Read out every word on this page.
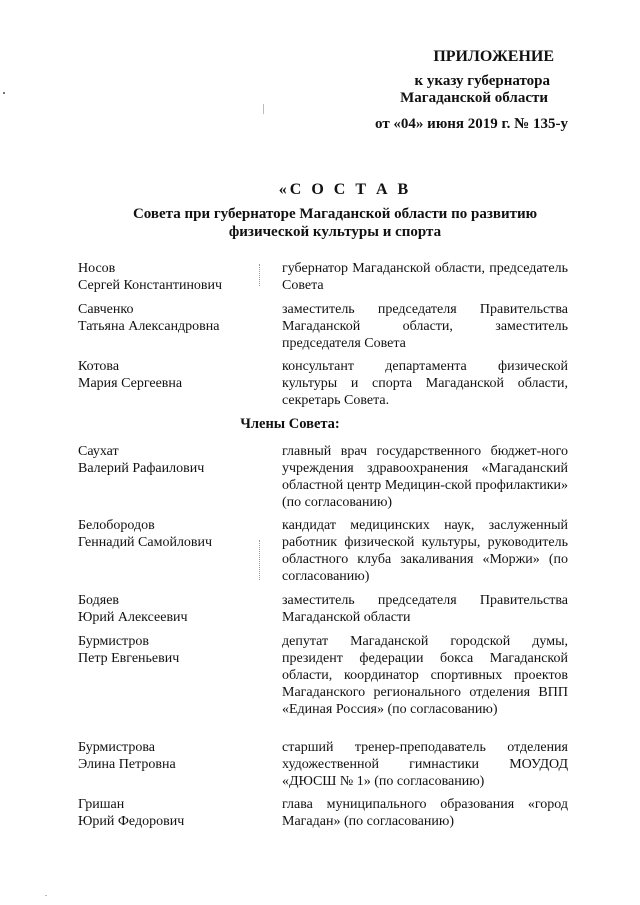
ПРИЛОЖЕНИЕ
к указу губернатора
Магаданской области
от «04» июня 2019 г. № 135-у
«С О С Т А В
Совета при губернаторе Магаданской области по развитию
физической культуры и спорта
Носов
Сергей Константинович
губернатор Магаданской области, председатель Совета
Савченко
Татьяна Александровна
заместитель председателя Правительства Магаданской области, заместитель председателя Совета
Котова
Мария Сергеевна
консультант департамента физической культуры и спорта Магаданской области, секретарь Совета.
Члены Совета:
Саухат
Валерий Рафаилович
главный врач государственного бюджет-ного учреждения здравоохранения «Магаданский областной центр Медицин-ской профилактики» (по согласованию)
Белобородов
Геннадий Самойлович
кандидат медицинских наук, заслуженный работник физической культуры, руководитель областного клуба закаливания «Моржи» (по согласованию)
Бодяев
Юрий Алексеевич
заместитель председателя Правительства Магаданской области
Бурмистров
Петр Евгеньевич
депутат Магаданской городской думы, президент федерации бокса Магаданской области, координатор спортивных проектов Магаданского регионального отделения ВПП «Единая Россия» (по согласованию)
Бурмистрова
Элина Петровна
старший тренер-преподаватель отделения художественной гимнастики МОУДОД «ДЮСШ № 1» (по согласованию)
Гришан
Юрий Федорович
глава муниципального образования «город Магадан» (по согласованию)
